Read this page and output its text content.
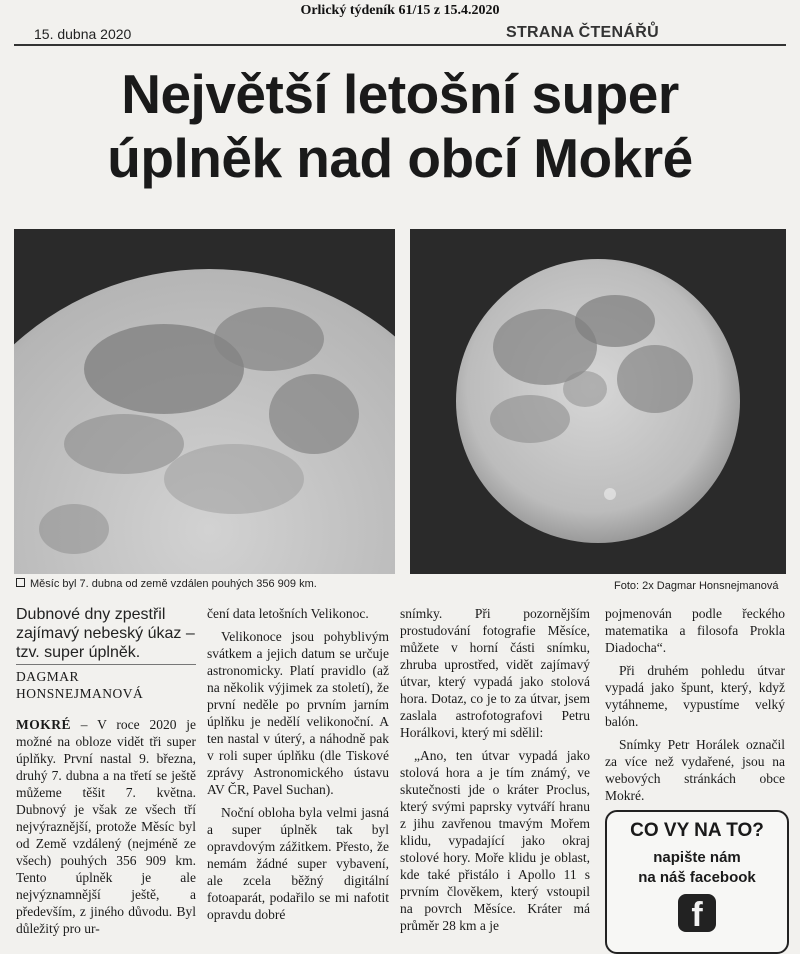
Orlický týdeník 61/15 z 15.4.2020
15. dubna 2020	STRANA ČTENÁŘŮ
Největší letošní super
úplněk nad obcí Mokré
Měsíc byl 7. dubna od země vzdálen pouhých 356 909 km.	Foto: 2x Dagmar Honsnejmanová
Dubnové dny zpestřil zajímavý nebeský úkaz – tzv. super úplněk.
DAGMAR
HONSNEJMANOVÁ

MOKRÉ – V roce 2020 je možné na obloze vidět tři super úplňky. První nastal 9. března, druhý 7. dubna a na třetí se ještě můžeme těšit 7. května. Dubnový je však ze všech tří nejvýraznější, protože Měsíc byl od Země vzdálený (nejméně ze všech) pouhých 356 909 km. Tento úplněk je ale nejvýznamnější ještě, a především, z jiného důvodu. Byl důležitý pro ur-

čení data letošních Velikonoc.

Velikonoce jsou pohyblivým svátkem a jejich datum se určuje astronomicky. Platí pravidlo (až na několik výjimek za století), že první neděle po prvním jarním úplňku je nedělí velikonoční. A ten nastal v úterý, a náhodně pak v roli super úplňku (dle Tiskové zprávy Astronomického ústavu AV ČR, Pavel Suchan).

Noční obloha byla velmi jasná a super úplněk tak byl opravdovým zážitkem. Přesto, že nemám žádné super vybavení, ale zcela běžný digitální fotoaparát, podařilo se mi nafotit opravdu dobré

snímky. Při pozornějším prostudování fotografie Měsíce, můžete v horní části snímku, zhruba uprostřed, vidět zajímavý útvar, který vypadá jako stolová hora. Dotaz, co je to za útvar, jsem zaslala astrofotografovi Petru Horálkovi, který mi sdělil:

„Ano, ten útvar vypadá jako stolová hora a je tím známý, ve skutečnosti jde o kráter Proclus, který svými paprsky vytváří hranu z jihu zavřenou tmavým Mořem klidu, vypadající jako okraj stolové hory. Moře klidu je oblast, kde také přistálo i Apollo 11 s prvním člověkem, který vstoupil na povrch Měsíce. Kráter má průměr 28 km a je

pojmenován podle řeckého matematika a filosofa Prokla Diadocha“.

Při druhém pohledu útvar vypadá jako špunt, který, když vytáhneme, vypustíme velký balón.

Snímky Petr Horálek označil za více než vydařené, jsou na webových stránkách obce Mokré.

CO VY NA TO?
napište nám
na náš facebook
f
